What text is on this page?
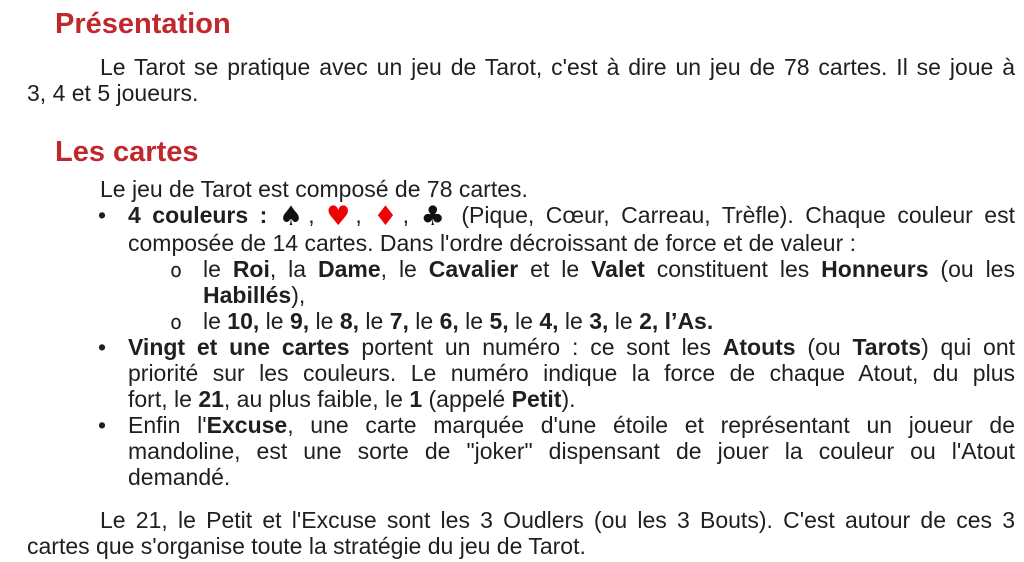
Présentation
Le Tarot se pratique avec un jeu de Tarot, c'est à dire un jeu de 78 cartes. Il se joue à
3, 4 et 5 joueurs.
Les cartes
Le jeu de Tarot est composé de 78 cartes.
• 4 couleurs : ♠, ♥, ♦, ♣ (Pique, Cœur, Carreau, Trèfle). Chaque couleur est
composée de 14 cartes. Dans l'ordre décroissant de force et de valeur :
o le Roi, la Dame, le Cavalier et le Valet constituent les Honneurs (ou les
Habillés),
o le 10, le 9, le 8, le 7, le 6, le 5, le 4, le 3, le 2, l’As.
• Vingt et une cartes portent un numéro : ce sont les Atouts (ou Tarots) qui ont
priorité sur les couleurs. Le numéro indique la force de chaque Atout, du plus
fort, le 21, au plus faible, le 1 (appelé Petit).
• Enfin l'Excuse, une carte marquée d'une étoile et représentant un joueur de
mandoline, est une sorte de "joker" dispensant de jouer la couleur ou l'Atout
demandé.
Le 21, le Petit et l'Excuse sont les 3 Oudlers (ou les 3 Bouts). C'est autour de ces 3
cartes que s'organise toute la stratégie du jeu de Tarot.
